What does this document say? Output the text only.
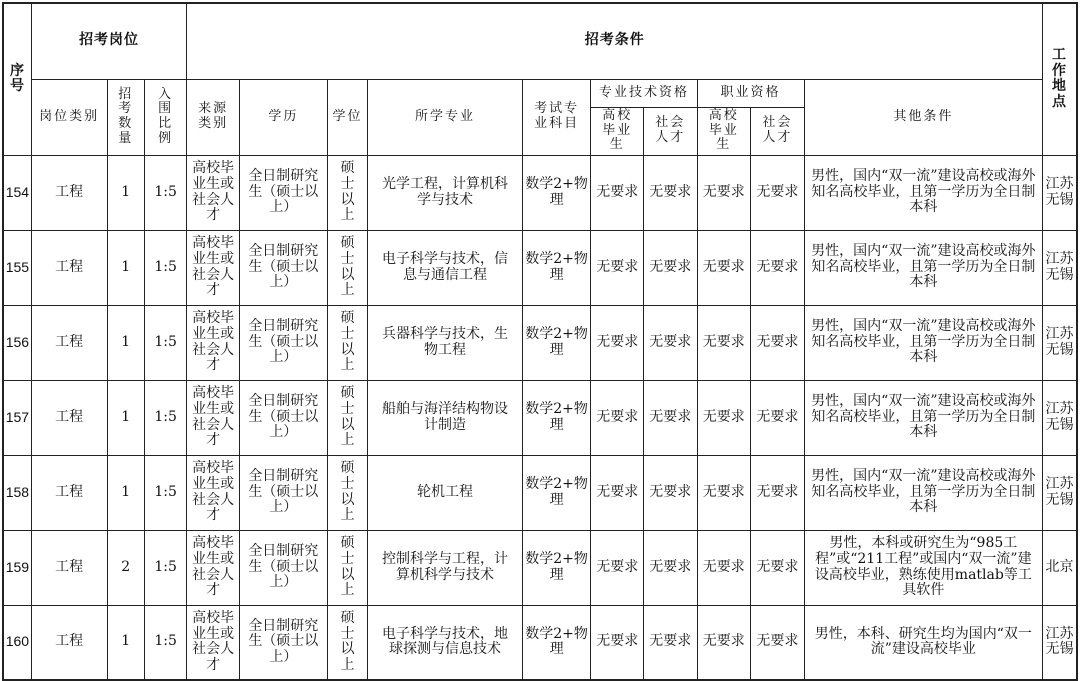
序号	招考岗位			招考条件										工作地点
	岗位类别	招考数量	入围比例	来源类别	学历	学位	所学专业	考试专业科目	专业技术资格		职业资格		其他条件	
									高校毕业生	社会人才	高校毕业生	社会人才		
154	工程	1	1:5	高校毕业生或社会人才	全日制研究生（硕士以上）	硕士以上	光学工程，计算机科学与技术	数学2+物理	无要求	无要求	无要求	无要求	男性，国内“双一流”建设高校或海外知名高校毕业，且第一学历为全日制本科	江苏无锡
155	工程	1	1:5	高校毕业生或社会人才	全日制研究生（硕士以上）	硕士以上	电子科学与技术，信息与通信工程	数学2+物理	无要求	无要求	无要求	无要求	男性，国内“双一流”建设高校或海外知名高校毕业，且第一学历为全日制本科	江苏无锡
156	工程	1	1:5	高校毕业生或社会人才	全日制研究生（硕士以上）	硕士以上	兵器科学与技术，生物工程	数学2+物理	无要求	无要求	无要求	无要求	男性，国内“双一流”建设高校或海外知名高校毕业，且第一学历为全日制本科	江苏无锡
157	工程	1	1:5	高校毕业生或社会人才	全日制研究生（硕士以上）	硕士以上	船舶与海洋结构物设计制造	数学2+物理	无要求	无要求	无要求	无要求	男性，国内“双一流”建设高校或海外知名高校毕业，且第一学历为全日制本科	江苏无锡
158	工程	1	1:5	高校毕业生或社会人才	全日制研究生（硕士以上）	硕士以上	轮机工程	数学2+物理	无要求	无要求	无要求	无要求	男性，国内“双一流”建设高校或海外知名高校毕业，且第一学历为全日制本科	江苏无锡
159	工程	2	1:5	高校毕业生或社会人才	全日制研究生（硕士以上）	硕士以上	控制科学与工程，计算机科学与技术	数学2+物理	无要求	无要求	无要求	无要求	男性，本科或研究生为“985工程”或“211工程”或国内“双一流”建设高校毕业，熟练使用matlab等工具软件	北京
160	工程	1	1:5	高校毕业生或社会人才	全日制研究生（硕士以上）	硕士以上	电子科学与技术，地球探测与信息技术	数学2+物理	无要求	无要求	无要求	无要求	男性，本科、研究生均为国内“双一流”建设高校毕业	江苏无锡
